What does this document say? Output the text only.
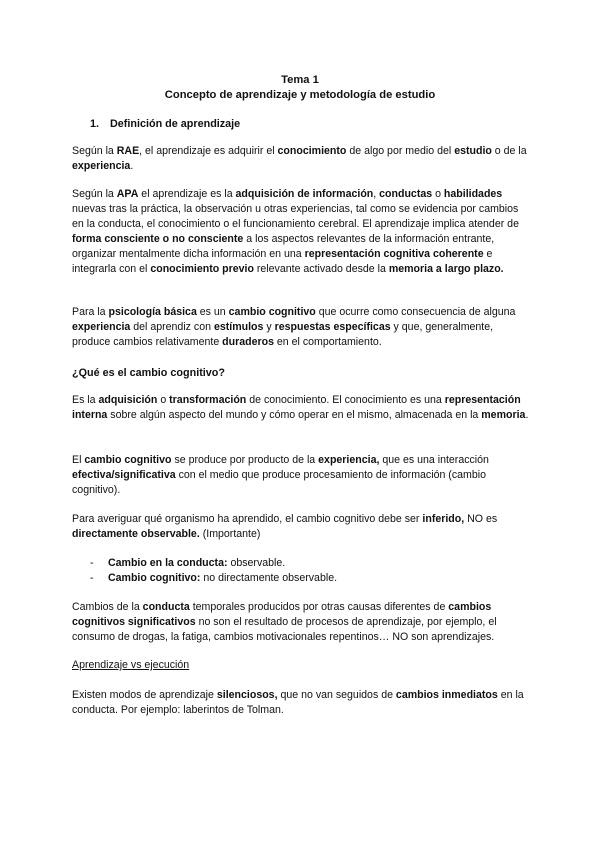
Tema 1
Concepto de aprendizaje y metodología de estudio
1. Definición de aprendizaje
Según la RAE, el aprendizaje es adquirir el conocimiento de algo por medio del estudio o de la experiencia.
Según la APA el aprendizaje es la adquisición de información, conductas o habilidades nuevas tras la práctica, la observación u otras experiencias, tal como se evidencia por cambios en la conducta, el conocimiento o el funcionamiento cerebral. El aprendizaje implica atender de forma consciente o no consciente a los aspectos relevantes de la información entrante, organizar mentalmente dicha información en una representación cognitiva coherente e integrarla con el conocimiento previo relevante activado desde la memoria a largo plazo.
Para la psicología básica es un cambio cognitivo que ocurre como consecuencia de alguna experiencia del aprendiz con estímulos y respuestas específicas y que, generalmente, produce cambios relativamente duraderos en el comportamiento.
¿Qué es el cambio cognitivo?
Es la adquisición o transformación de conocimiento. El conocimiento es una representación interna sobre algún aspecto del mundo y cómo operar en el mismo, almacenada en la memoria.
El cambio cognitivo se produce por producto de la experiencia, que es una interacción efectiva/significativa con el medio que produce procesamiento de información (cambio cognitivo).
Para averiguar qué organismo ha aprendido, el cambio cognitivo debe ser inferido, NO es directamente observable. (Importante)
- Cambio en la conducta: observable.
- Cambio cognitivo: no directamente observable.
Cambios de la conducta temporales producidos por otras causas diferentes de cambios cognitivos significativos no son el resultado de procesos de aprendizaje, por ejemplo, el consumo de drogas, la fatiga, cambios motivacionales repentinos… NO son aprendizajes.
Aprendizaje vs ejecución
Existen modos de aprendizaje silenciosos, que no van seguidos de cambios inmediatos en la conducta. Por ejemplo: laberintos de Tolman.
